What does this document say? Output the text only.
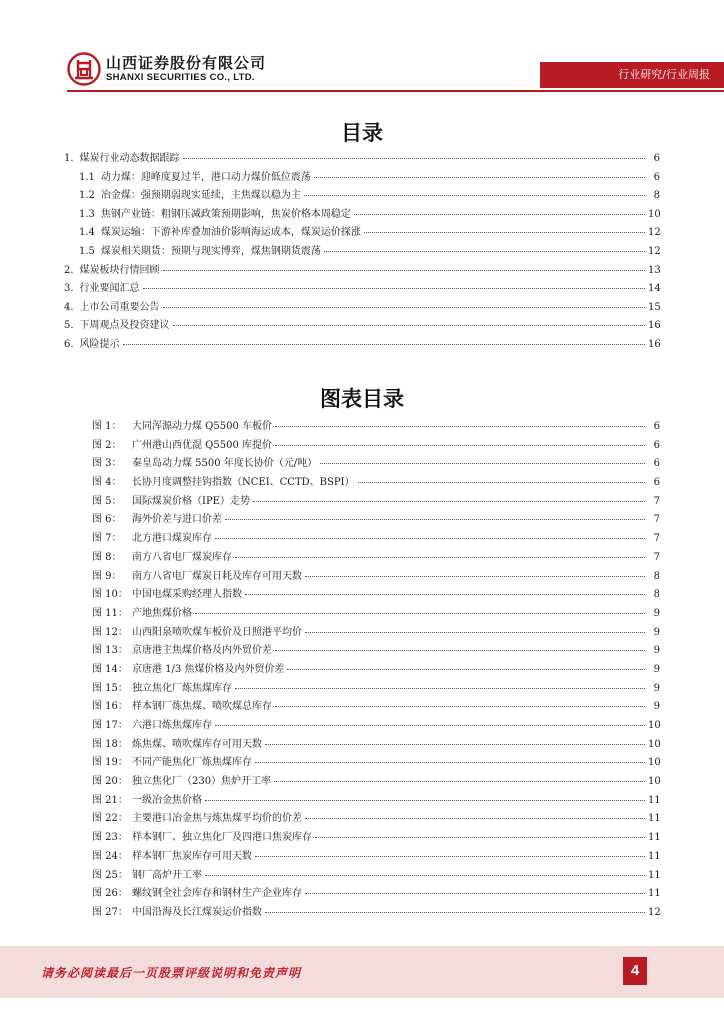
山西证券股份有限公司
SHANXI SECURITIES CO., LTD.	行业研究/行业周报
目录
1. 煤炭行业动态数据跟踪	6
1.1 动力煤：迎峰度夏过半，港口动力煤价低位震荡	6
1.2 冶金煤：强预期弱现实延续，主焦煤以稳为主	8
1.3 焦钢产业链：粗钢压减政策预期影响，焦炭价格本周稳定	10
1.4 煤炭运输：下游补库叠加油价影响海运成本，煤炭运价探涨	12
1.5 煤炭相关期货：预期与现实博弈，煤焦钢期货震荡	12
2. 煤炭板块行情回顾	13
3. 行业要闻汇总	14
4. 上市公司重要公告	15
5. 下周观点及投资建议	16
6. 风险提示	16
图表目录
图 1：	大同浑源动力煤 Q5500 车板价	6
图 2：	广州港山西优混 Q5500 库提价	6
图 3：	秦皇岛动力煤 5500 年度长协价（元/吨）	6
图 4：	长协月度调整挂钩指数（NCEI、CCTD、BSPI）	6
图 5：	国际煤炭价格（IPE）走势	7
图 6：	海外价差与进口价差	7
图 7：	北方港口煤炭库存	7
图 8：	南方八省电厂煤炭库存	7
图 9：	南方八省电厂煤炭日耗及库存可用天数	8
图 10： 中国电煤采购经理人指数	8
图 11： 产地焦煤价格	9
图 12： 山西阳泉喷吹煤车板价及日照港平均价	9
图 13： 京唐港主焦煤价格及内外贸价差	9
图 14： 京唐港 1/3 焦煤价格及内外贸价差	9
图 15： 独立焦化厂炼焦煤库存	9
图 16： 样本钢厂炼焦煤、喷吹煤总库存	9
图 17： 六港口炼焦煤库存	10
图 18： 炼焦煤、喷吹煤库存可用天数	10
图 19： 不同产能焦化厂炼焦煤库存	10
图 20： 独立焦化厂（230）焦炉开工率	10
图 21： 一级冶金焦价格	11
图 22： 主要港口冶金焦与炼焦煤平均价的价差	11
图 23： 样本钢厂、独立焦化厂及四港口焦炭库存	11
图 24： 样本钢厂焦炭库存可用天数	11
图 25： 钢厂高炉开工率	11
图 26： 螺纹钢全社会库存和钢材生产企业库存	11
图 27： 中国沿海及长江煤炭运价指数	12
请务必阅读最后一页股票评级说明和免责声明	4
